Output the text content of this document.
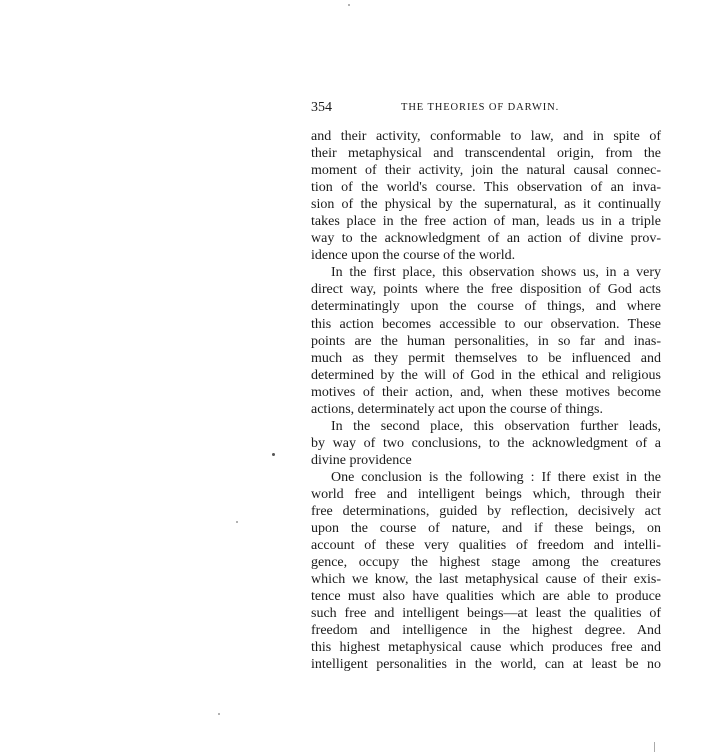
354	THE THEORIES OF DARWIN.
and their activity, conformable to law, and in spite of
their metaphysical and transcendental origin, from the
moment of their activity, join the natural causal connec-
tion of the world's course. This observation of an inva-
sion of the physical by the supernatural, as it continually
takes place in the free action of man, leads us in a triple
way to the acknowledgment of an action of divine prov-
idence upon the course of the world.
In the first place, this observation shows us, in a very
direct way, points where the free disposition of God acts
determinatingly upon the course of things, and where
this action becomes accessible to our observation. These
points are the human personalities, in so far and inas-
much as they permit themselves to be influenced and
determined by the will of God in the ethical and religious
motives of their action, and, when these motives become
actions, determinately act upon the course of things.
In the second place, this observation further leads,
by way of two conclusions, to the acknowledgment of a
divine providence
One conclusion is the following : If there exist in the
world free and intelligent beings which, through their
free determinations, guided by reflection, decisively act
upon the course of nature, and if these beings, on
account of these very qualities of freedom and intelli-
gence, occupy the highest stage among the creatures
which we know, the last metaphysical cause of their exis-
tence must also have qualities which are able to produce
such free and intelligent beings—at least the qualities of
freedom and intelligence in the highest degree. And
this highest metaphysical cause which produces free and
intelligent personalities in the world, can at least be no
